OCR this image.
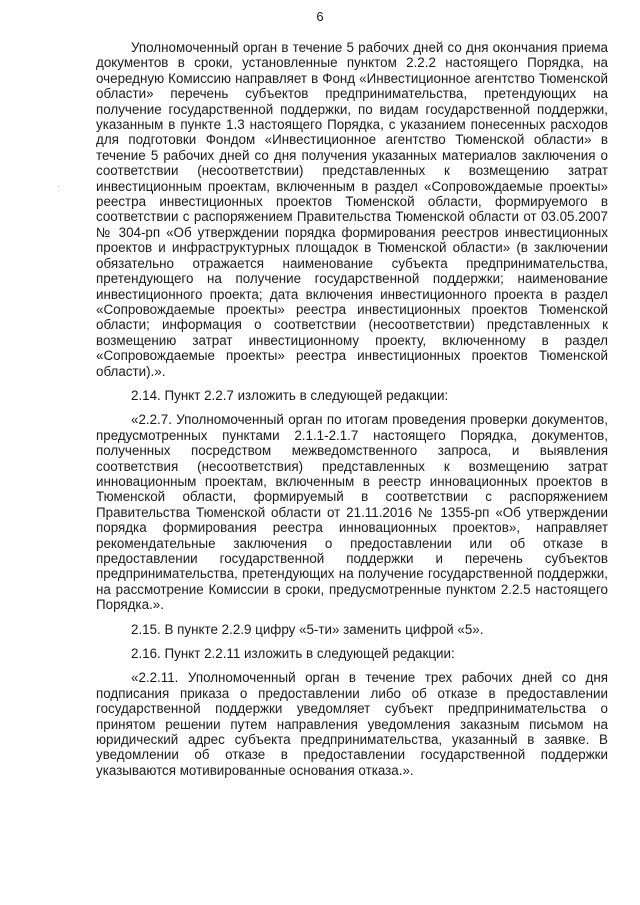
6

Уполномоченный орган в течение 5 рабочих дней со дня окончания приема документов в сроки, установленные пунктом 2.2.2 настоящего Порядка, на очередную Комиссию направляет в Фонд «Инвестиционное агентство Тюменской области» перечень субъектов предпринимательства, претендующих на получение государственной поддержки, по видам государственной поддержки, указанным в пункте 1.3 настоящего Порядка, с указанием понесенных расходов для подготовки Фондом «Инвестиционное агентство Тюменской области» в течение 5 рабочих дней со дня получения указанных материалов заключения о соответствии (несоответствии) представленных к возмещению затрат инвестиционным проектам, включенным в раздел «Сопровождаемые проекты» реестра инвестиционных проектов Тюменской области, формируемого в соответствии с распоряжением Правительства Тюменской области от 03.05.2007 № 304-рп «Об утверждении порядка формирования реестров инвестиционных проектов и инфраструктурных площадок в Тюменской области» (в заключении обязательно отражается наименование субъекта предпринимательства, претендующего на получение государственной поддержки; наименование инвестиционного проекта; дата включения инвестиционного проекта в раздел «Сопровождаемые проекты» реестра инвестиционных проектов Тюменской области; информация о соответствии (несоответствии) представленных к возмещению затрат инвестиционному проекту, включенному в раздел «Сопровождаемые проекты» реестра инвестиционных проектов Тюменской области).».

2.14. Пункт 2.2.7 изложить в следующей редакции:

«2.2.7. Уполномоченный орган по итогам проведения проверки документов, предусмотренных пунктами 2.1.1-2.1.7 настоящего Порядка, документов, полученных посредством межведомственного запроса, и выявления соответствия (несоответствия) представленных к возмещению затрат инновационным проектам, включенным в реестр инновационных проектов в Тюменской области, формируемый в соответствии с распоряжением Правительства Тюменской области от 21.11.2016 № 1355-рп «Об утверждении порядка формирования реестра инновационных проектов», направляет рекомендательные заключения о предоставлении или об отказе в предоставлении государственной поддержки и перечень субъектов предпринимательства, претендующих на получение государственной поддержки, на рассмотрение Комиссии в сроки, предусмотренные пунктом 2.2.5 настоящего Порядка.».

2.15. В пункте 2.2.9 цифру «5-ти» заменить цифрой «5».

2.16. Пункт 2.2.11 изложить в следующей редакции:

«2.2.11. Уполномоченный орган в течение трех рабочих дней со дня подписания приказа о предоставлении либо об отказе в предоставлении государственной поддержки уведомляет субъект предпринимательства о принятом решении путем направления уведомления заказным письмом на юридический адрес субъекта предпринимательства, указанный в заявке. В уведомлении об отказе в предоставлении государственной поддержки указываются мотивированные основания отказа.».
